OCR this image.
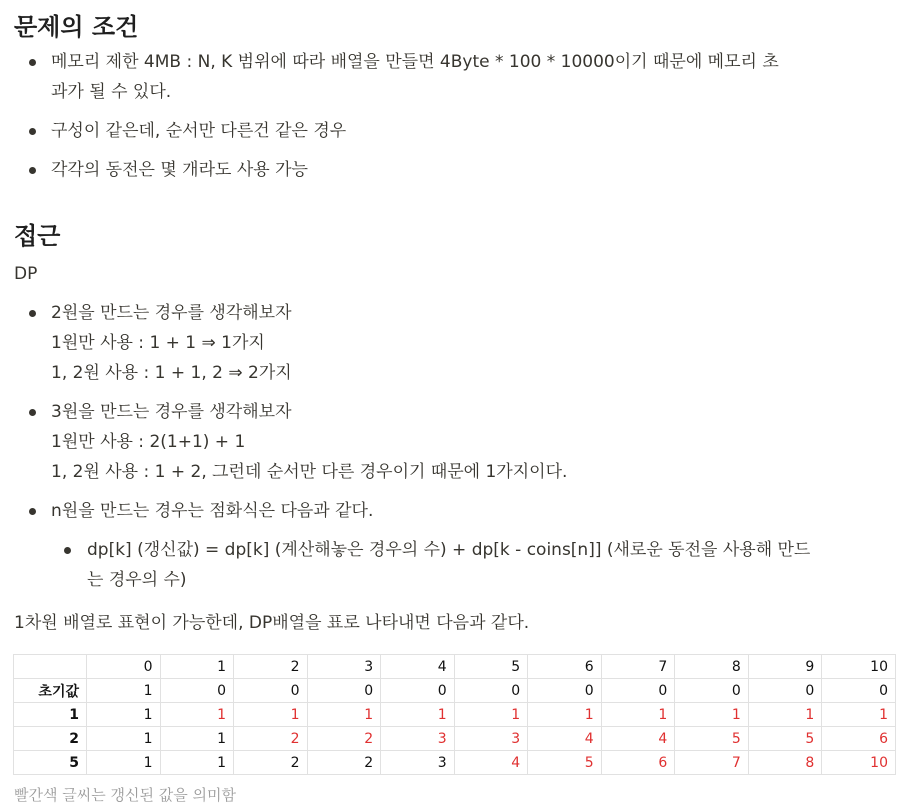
문제의 조건
메모리 제한 4MB : N, K 범위에 따라 배열을 만들면 4Byte * 100 * 10000이기 때문에 메모리 초
과가 될 수 있다.
구성이 같은데, 순서만 다른건 같은 경우
각각의 동전은 몇 개라도 사용 가능
접근
DP
2원을 만드는 경우를 생각해보자
1원만 사용 : 1 + 1 ⇒ 1가지
1, 2원 사용 : 1 + 1, 2 ⇒ 2가지
3원을 만드는 경우를 생각해보자
1원만 사용 : 2(1+1) + 1
1, 2원 사용 : 1 + 2, 그런데 순서만 다른 경우이기 때문에 1가지이다.
n원을 만드는 경우는 점화식은 다음과 같다.
dp[k] (갱신값) = dp[k] (계산해놓은 경우의 수) + dp[k - coins[n]] (새로운 동전을 사용해 만드
는 경우의 수)
1차원 배열로 표현이 가능한데, DP배열을 표로 나타내면 다음과 같다.
	0	1	2	3	4	5	6	7	8	9	10
초기값	1	0	0	0	0	0	0	0	0	0	0
1	1	1	1	1	1	1	1	1	1	1	1
2	1	1	2	2	3	3	4	4	5	5	6
5	1	1	2	2	3	4	5	6	7	8	10
빨간색 글씨는 갱신된 값을 의미함
